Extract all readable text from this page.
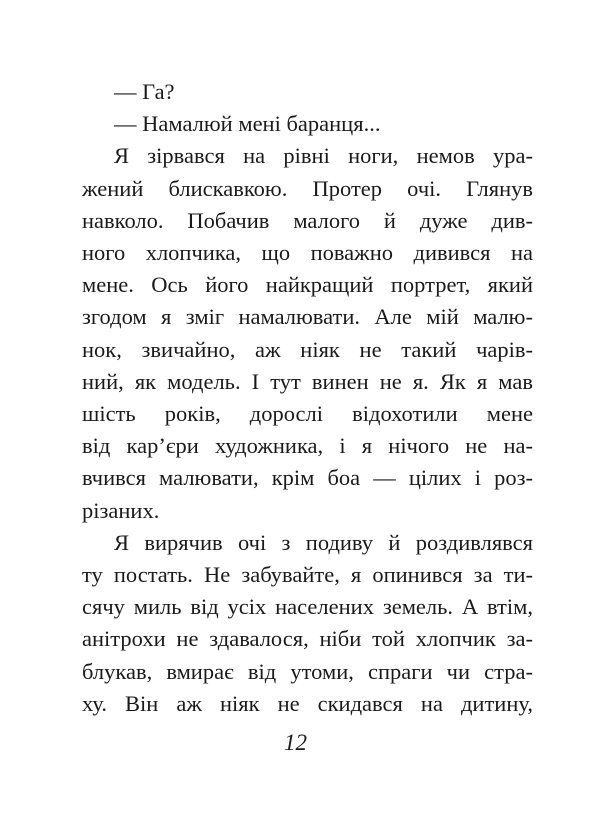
— Га?

— Намалюй мені баранця...

Я зірвався на рівні ноги, немов ура-
жений блискавкою. Протер очі. Глянув
навколо. Побачив малого й дуже див-
ного хлопчика, що поважно дивився на
мене. Ось його найкращий портрет, який
згодом я зміг намалювати. Але мій малю-
нок, звичайно, аж ніяк не такий чарів-
ний, як модель. І тут винен не я. Як я мав
шість років, дорослі відохотили мене
від кар’єри художника, і я нічого не на-
вчився малювати, крім боа — цілих і роз-
різаних.

Я вирячив очі з подиву й роздивлявся
ту постать. Не забувайте, я опинився за ти-
сячу миль від усіх населених земель. А втім,
анітрохи не здавалося, ніби той хлопчик за-
блукав, вмирає від утоми, спраги чи стра-
ху. Він аж ніяк не скидався на дитину,

12
